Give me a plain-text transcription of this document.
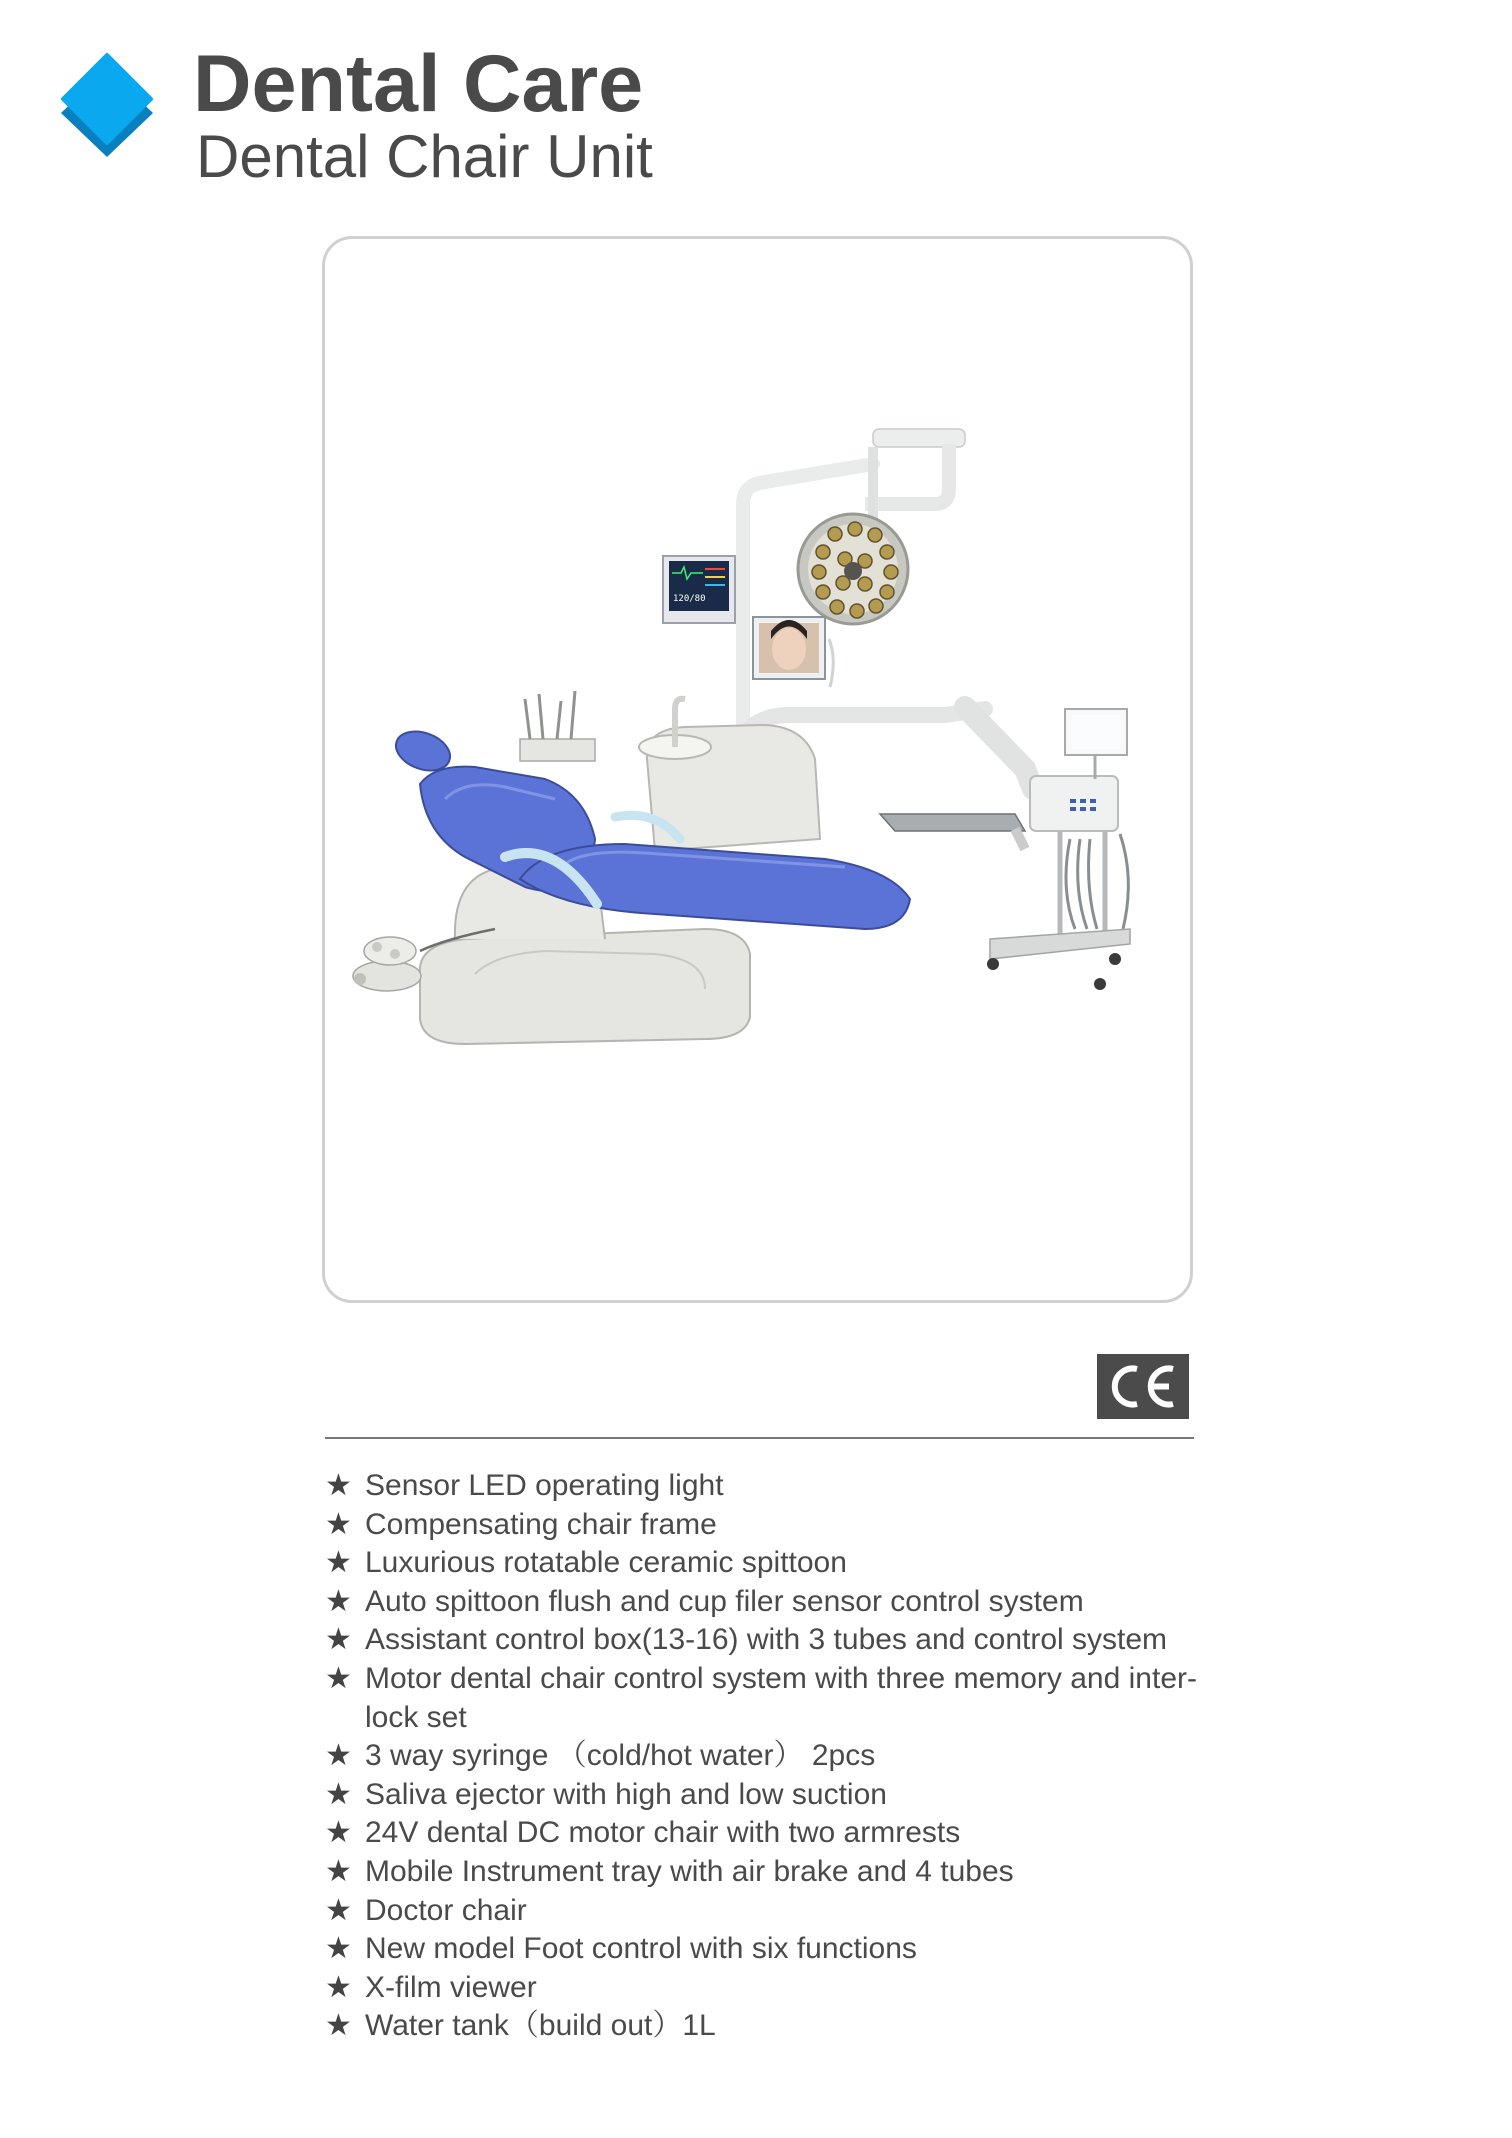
Dental Care
Dental Chair Unit
120/80
CE
★ Sensor LED operating light
★ Compensating chair frame
★ Luxurious rotatable ceramic spittoon
★ Auto spittoon flush and cup filer sensor control system
★ Assistant control box(13-16) with 3 tubes and control system
★ Motor dental chair control system with three memory and inter-lock set
★ 3 way syringe （cold/hot water） 2pcs
★ Saliva ejector with high and low suction
★ 24V dental DC motor chair with two armrests
★ Mobile Instrument tray with air brake and 4 tubes
★ Doctor chair
★ New model Foot control with six functions
★ X-film viewer
★ Water tank（build out）1L
